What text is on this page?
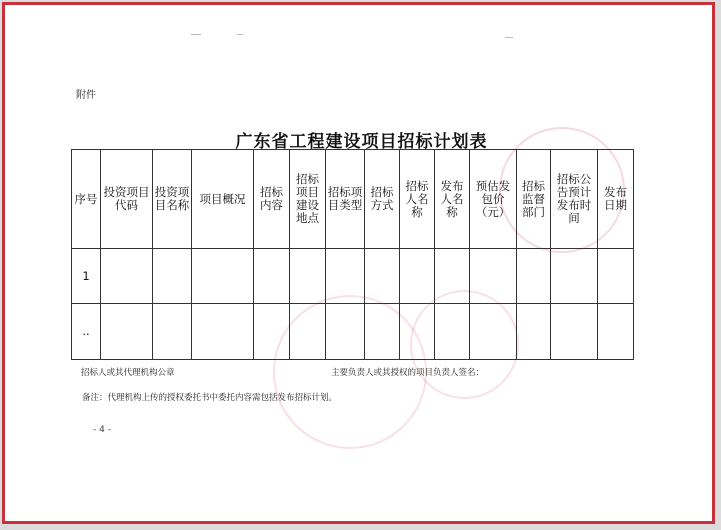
附件
广东省工程建设项目招标计划表
序号	投资项目代码	投资项目名称	项目概况	招标内容	招标项目建设地点	招标项目类型	招标方式	招标人名称	发布人名称	预估发包价（元）	招标监督部门	招标公告预计发布时间	发布日期
1													
..													
招标人或其代理机构公章	主要负责人或其授权的项目负责人签名：
备注：代理机构上传的授权委托书中委托内容需包括发布招标计划。
- 4 -
